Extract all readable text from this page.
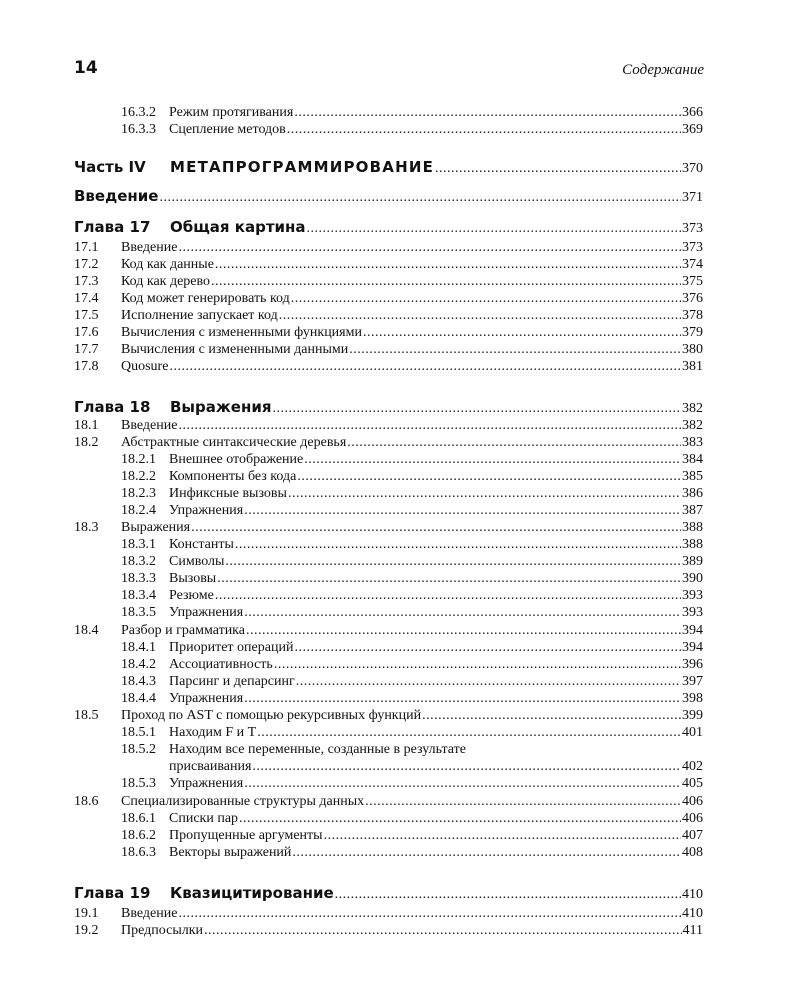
14	Содержание
16.3.2 Режим протягивания .....	366
16.3.3 Сцепление методов .....	369
Часть IV	МЕТАПРОГРАММИРОВАНИЕ .....	370
Введение .....	371
Глава 17	Общая картина .....	373
17.1	Введение .....	373
17.2	Код как данные .....	374
17.3	Код как дерево .....	375
17.4	Код может генерировать код .....	376
17.5	Исполнение запускает код .....	378
17.6	Вычисления с измененными функциями .....	379
17.7	Вычисления с измененными данными .....	380
17.8	Quosure .....	381
Глава 18	Выражения .....	382
18.1	Введение .....	382
18.2	Абстрактные синтаксические деревья .....	383
18.2.1 Внешнее отображение .....	384
18.2.2 Компоненты без кода .....	385
18.2.3 Инфиксные вызовы .....	386
18.2.4 Упражнения .....	387
18.3	Выражения .....	388
18.3.1 Константы .....	388
18.3.2 Символы .....	389
18.3.3 Вызовы .....	390
18.3.4 Резюме .....	393
18.3.5 Упражнения .....	393
18.4	Разбор и грамматика .....	394
18.4.1 Приоритет операций .....	394
18.4.2 Ассоциативность .....	396
18.4.3 Парсинг и депарсинг .....	397
18.4.4 Упражнения .....	398
18.5	Проход по AST с помощью рекурсивных функций .....	399
18.5.1 Находим F и T .....	401
18.5.2 Находим все переменные, созданные в результате
присваивания .....	402
18.5.3 Упражнения .....	405
18.6	Специализированные структуры данных .....	406
18.6.1 Списки пар .....	406
18.6.2 Пропущенные аргументы .....	407
18.6.3 Векторы выражений .....	408
Глава 19	Квазицитирование .....	410
19.1	Введение .....	410
19.2	Предпосылки .....	411
